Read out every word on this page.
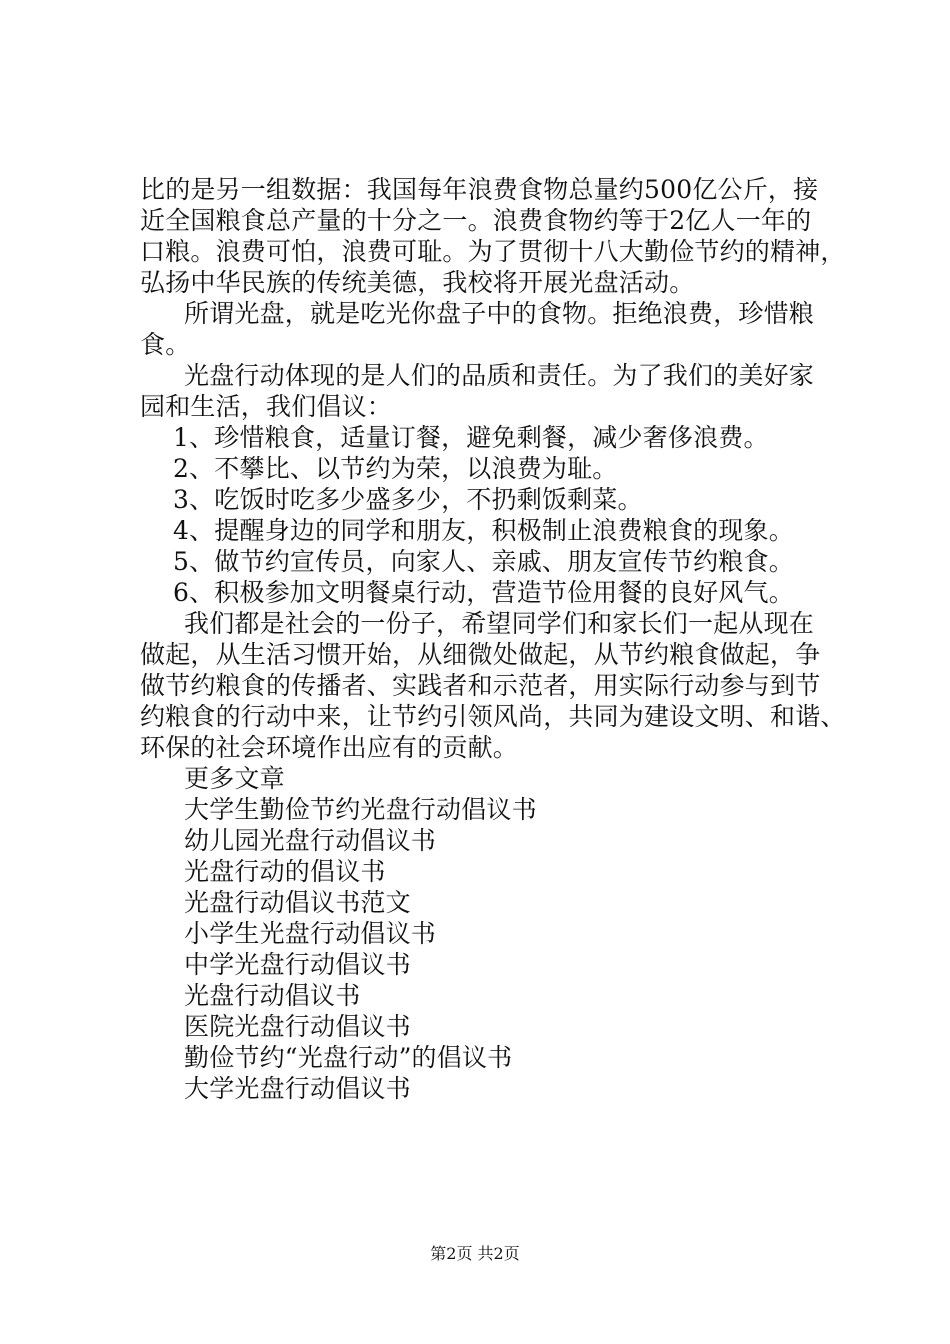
比的是另一组数据：我国每年浪费食物总量约500亿公斤，接
近全国粮食总产量的十分之一。浪费食物约等于2亿人一年的
口粮。浪费可怕，浪费可耻。为了贯彻十八大勤俭节约的精神，
弘扬中华民族的传统美德，我校将开展光盘活动。
所谓光盘，就是吃光你盘子中的食物。拒绝浪费，珍惜粮
食。
光盘行动体现的是人们的品质和责任。为了我们的美好家
园和生活，我们倡议：
1、珍惜粮食，适量订餐，避免剩餐，减少奢侈浪费。
2、不攀比、以节约为荣，以浪费为耻。
3、吃饭时吃多少盛多少，不扔剩饭剩菜。
4、提醒身边的同学和朋友，积极制止浪费粮食的现象。
5、做节约宣传员，向家人、亲戚、朋友宣传节约粮食。
6、积极参加文明餐桌行动，营造节俭用餐的良好风气。
我们都是社会的一份子，希望同学们和家长们一起从现在
做起，从生活习惯开始，从细微处做起，从节约粮食做起，争
做节约粮食的传播者、实践者和示范者，用实际行动参与到节
约粮食的行动中来，让节约引领风尚，共同为建设文明、和谐、
环保的社会环境作出应有的贡献。
更多文章
大学生勤俭节约光盘行动倡议书
幼儿园光盘行动倡议书
光盘行动的倡议书
光盘行动倡议书范文
小学生光盘行动倡议书
中学光盘行动倡议书
光盘行动倡议书
医院光盘行动倡议书
勤俭节约“光盘行动”的倡议书
大学光盘行动倡议书
第2页 共2页
